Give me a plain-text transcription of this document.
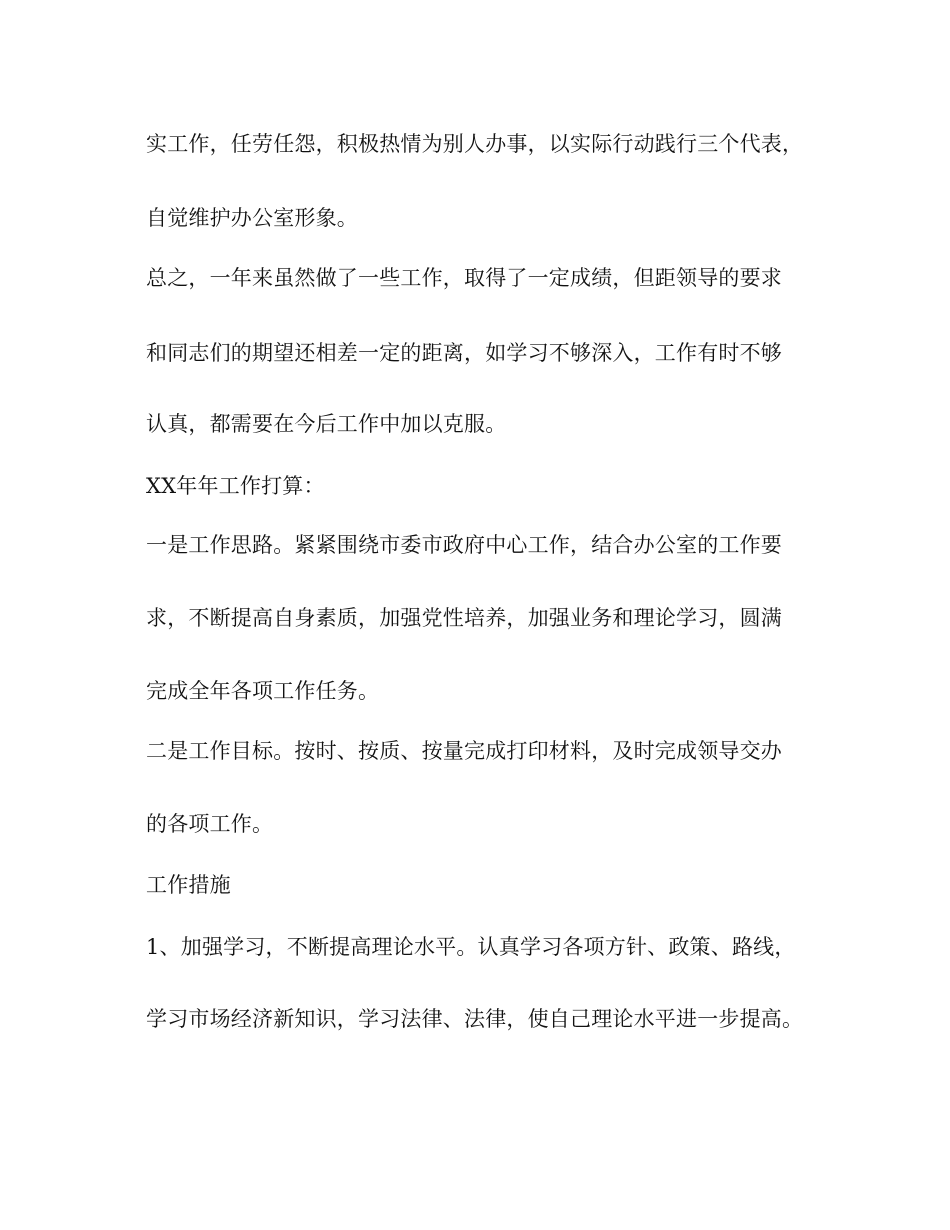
实工作，任劳任怨，积极热情为别人办事，以实际行动践行三个代表，
自觉维护办公室形象。
总之，一年来虽然做了一些工作，取得了一定成绩，但距领导的要求
和同志们的期望还相差一定的距离，如学习不够深入，工作有时不够
认真，都需要在今后工作中加以克服。
XX年年工作打算：
一是工作思路。紧紧围绕市委市政府中心工作，结合办公室的工作要
求，不断提高自身素质，加强党性培养，加强业务和理论学习，圆满
完成全年各项工作任务。
二是工作目标。按时、按质、按量完成打印材料，及时完成领导交办
的各项工作。
工作措施
1、加强学习，不断提高理论水平。认真学习各项方针、政策、路线，
学习市场经济新知识，学习法律、法律，使自己理论水平进一步提高。
